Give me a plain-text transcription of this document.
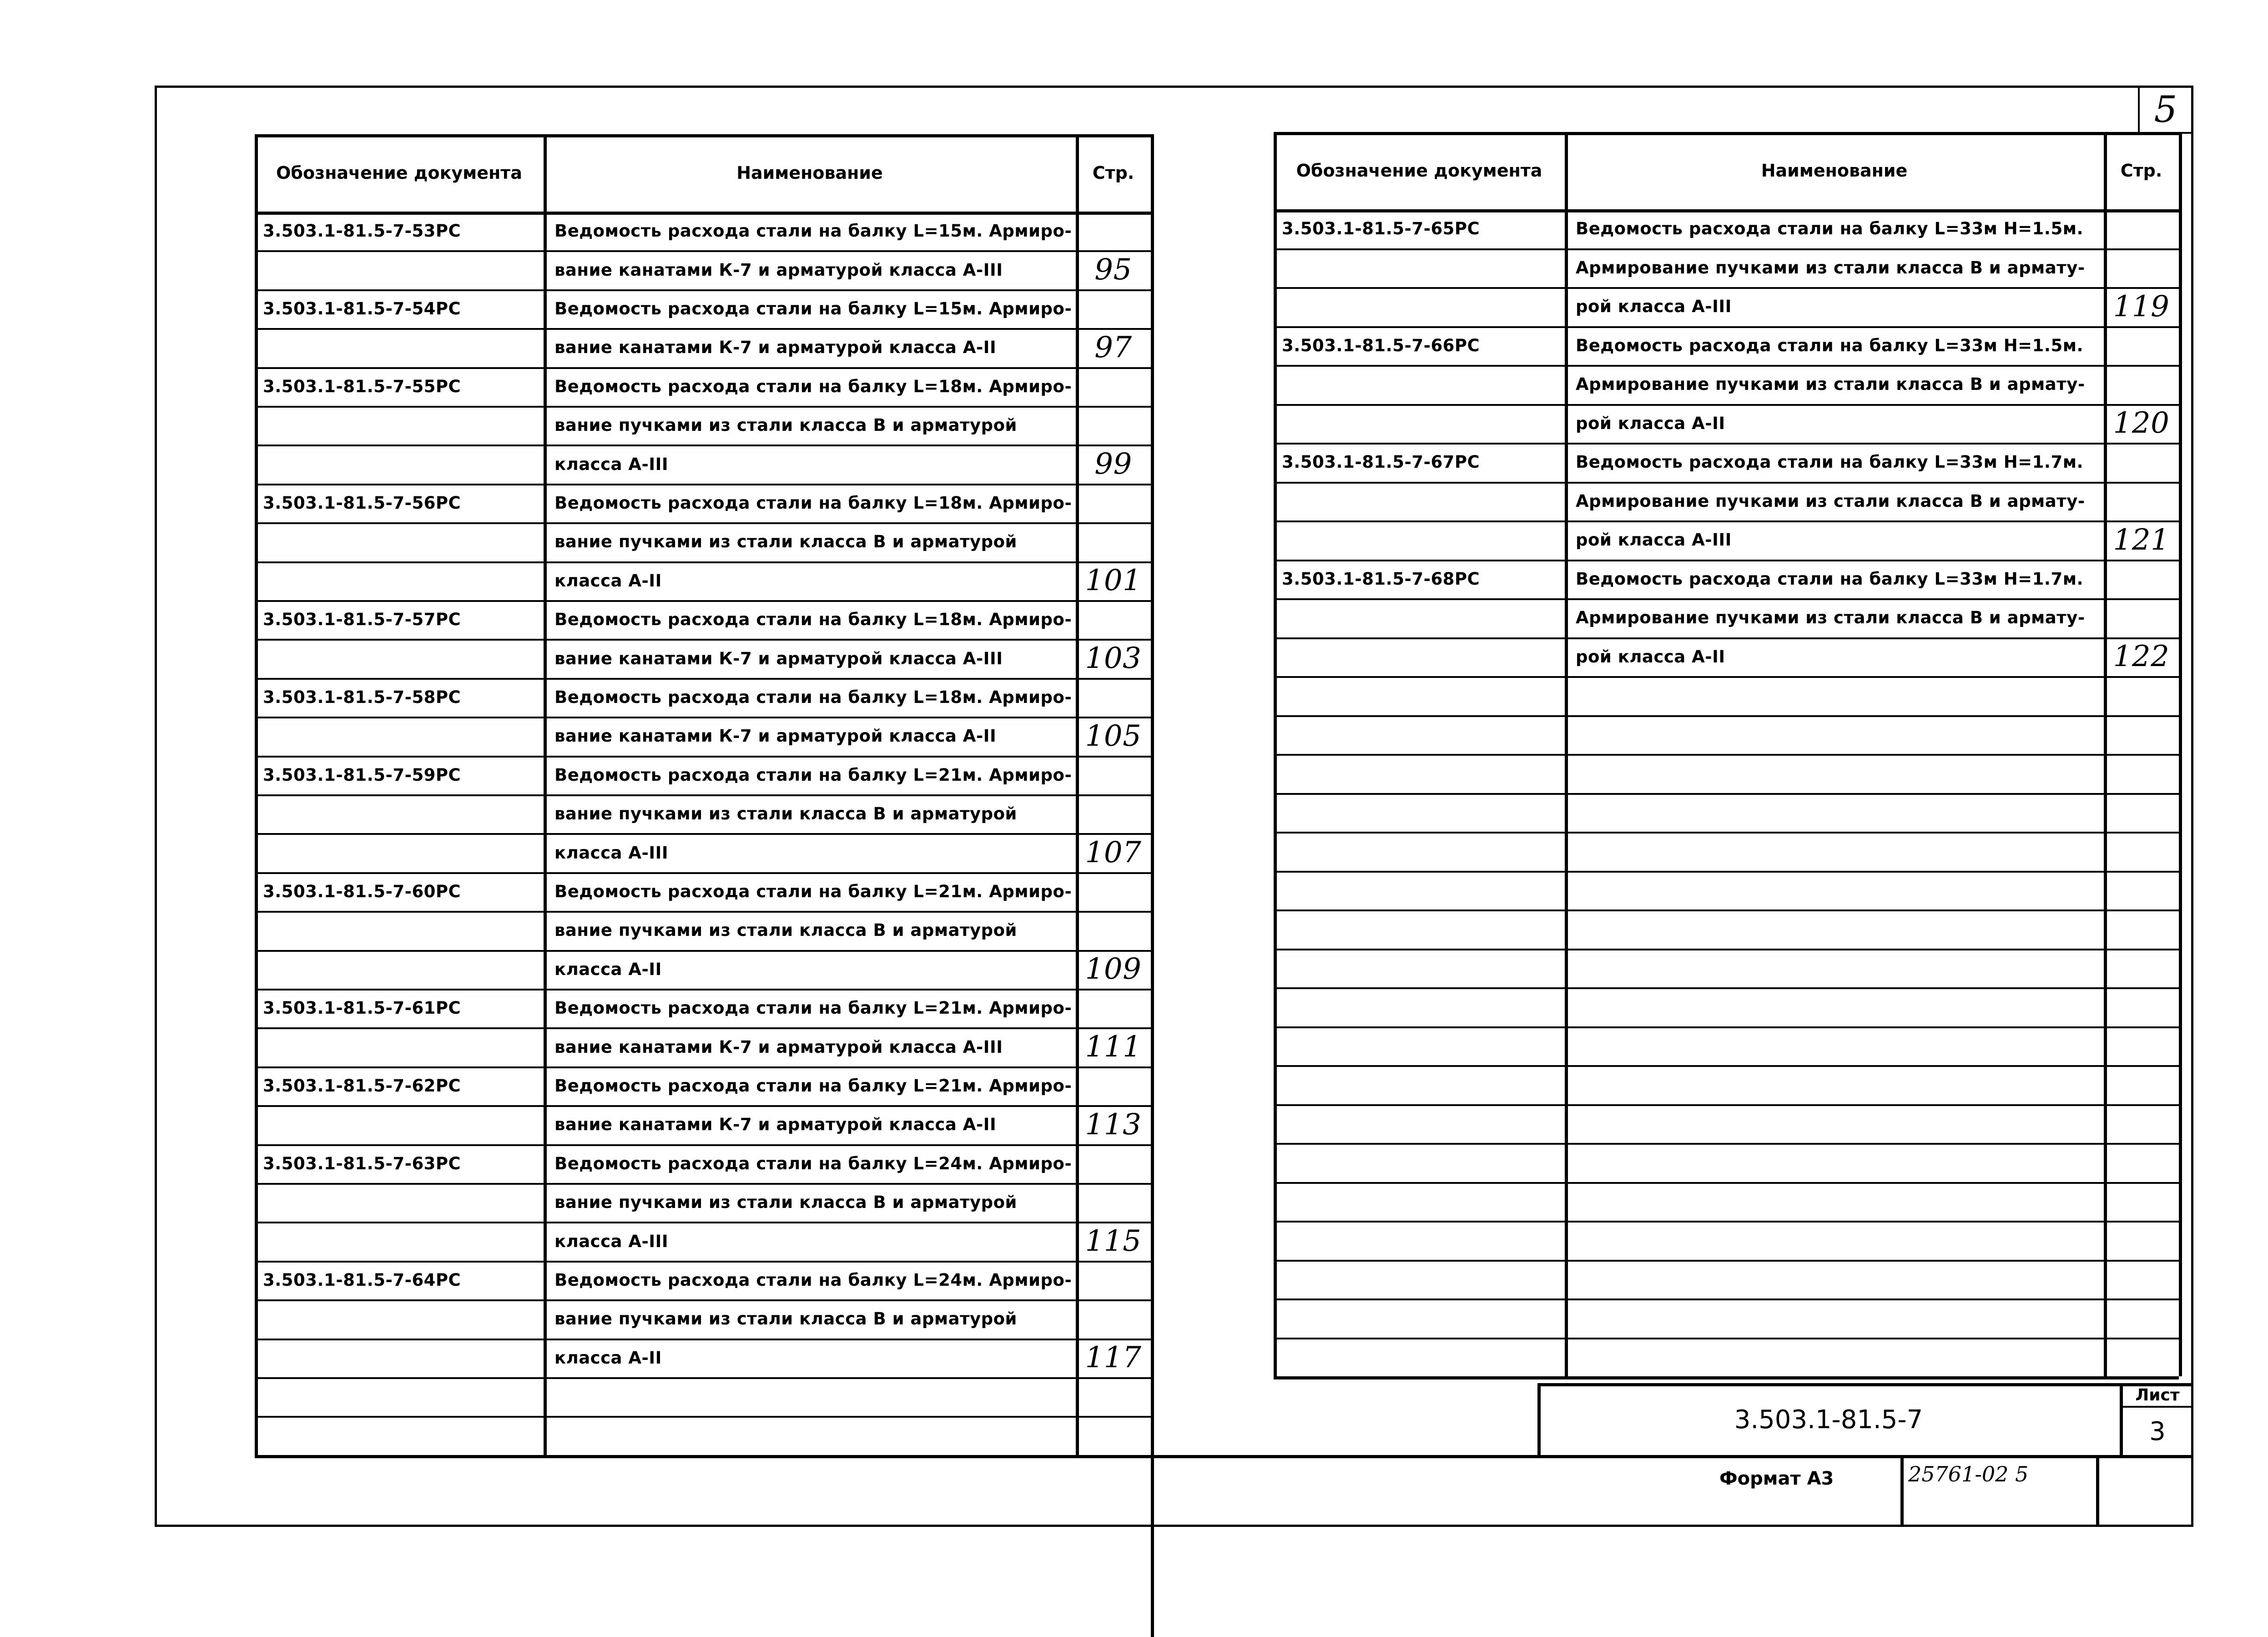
5
Обозначение документа	Наименование	Стр.
3.503.1-81.5-7-53РС	Ведомость расхода стали на балку L=15м. Армиро-
вание канатами К-7 и арматурой класса А-III	95
3.503.1-81.5-7-54РС	Ведомость расхода стали на балку L=15м. Армиро-
вание канатами К-7 и арматурой класса А-II	97
3.503.1-81.5-7-55РС	Ведомость расхода стали на балку L=18м. Армиро-
вание пучками из стали класса В и арматурой
класса А-III	99
3.503.1-81.5-7-56РС	Ведомость расхода стали на балку L=18м. Армиро-
вание пучками из стали класса В и арматурой
класса А-II	101
3.503.1-81.5-7-57РС	Ведомость расхода стали на балку L=18м. Армиро-
вание канатами К-7 и арматурой класса А-III	103
3.503.1-81.5-7-58РС	Ведомость расхода стали на балку L=18м. Армиро-
вание канатами К-7 и арматурой класса А-II	105
3.503.1-81.5-7-59РС	Ведомость расхода стали на балку L=21м. Армиро-
вание пучками из стали класса В и арматурой
класса А-III	107
3.503.1-81.5-7-60РС	Ведомость расхода стали на балку L=21м. Армиро-
вание пучками из стали класса В и арматурой
класса А-II	109
3.503.1-81.5-7-61РС	Ведомость расхода стали на балку L=21м. Армиро-
вание канатами К-7 и арматурой класса А-III	111
3.503.1-81.5-7-62РС	Ведомость расхода стали на балку L=21м. Армиро-
вание канатами К-7 и арматурой класса А-II	113
3.503.1-81.5-7-63РС	Ведомость расхода стали на балку L=24м. Армиро-
вание пучками из стали класса В и арматурой
класса А-III	115
3.503.1-81.5-7-64РС	Ведомость расхода стали на балку L=24м. Армиро-
вание пучками из стали класса В и арматурой
класса А-II	117
Обозначение документа	Наименование	Стр.
3.503.1-81.5-7-65РС	Ведомость расхода стали на балку L=33м Н=1.5м.
Армирование пучками из стали класса В и армату-
рой класса А-III	119
3.503.1-81.5-7-66РС	Ведомость расхода стали на балку L=33м Н=1.5м.
Армирование пучками из стали класса В и армату-
рой класса А-II	120
3.503.1-81.5-7-67РС	Ведомость расхода стали на балку L=33м Н=1.7м.
Армирование пучками из стали класса В и армату-
рой класса А-III	121
3.503.1-81.5-7-68РС	Ведомость расхода стали на балку L=33м Н=1.7м.
Армирование пучками из стали класса В и армату-
рой класса А-II	122
3.503.1-81.5-7
Лист
3
Формат А3	25761-02 5
